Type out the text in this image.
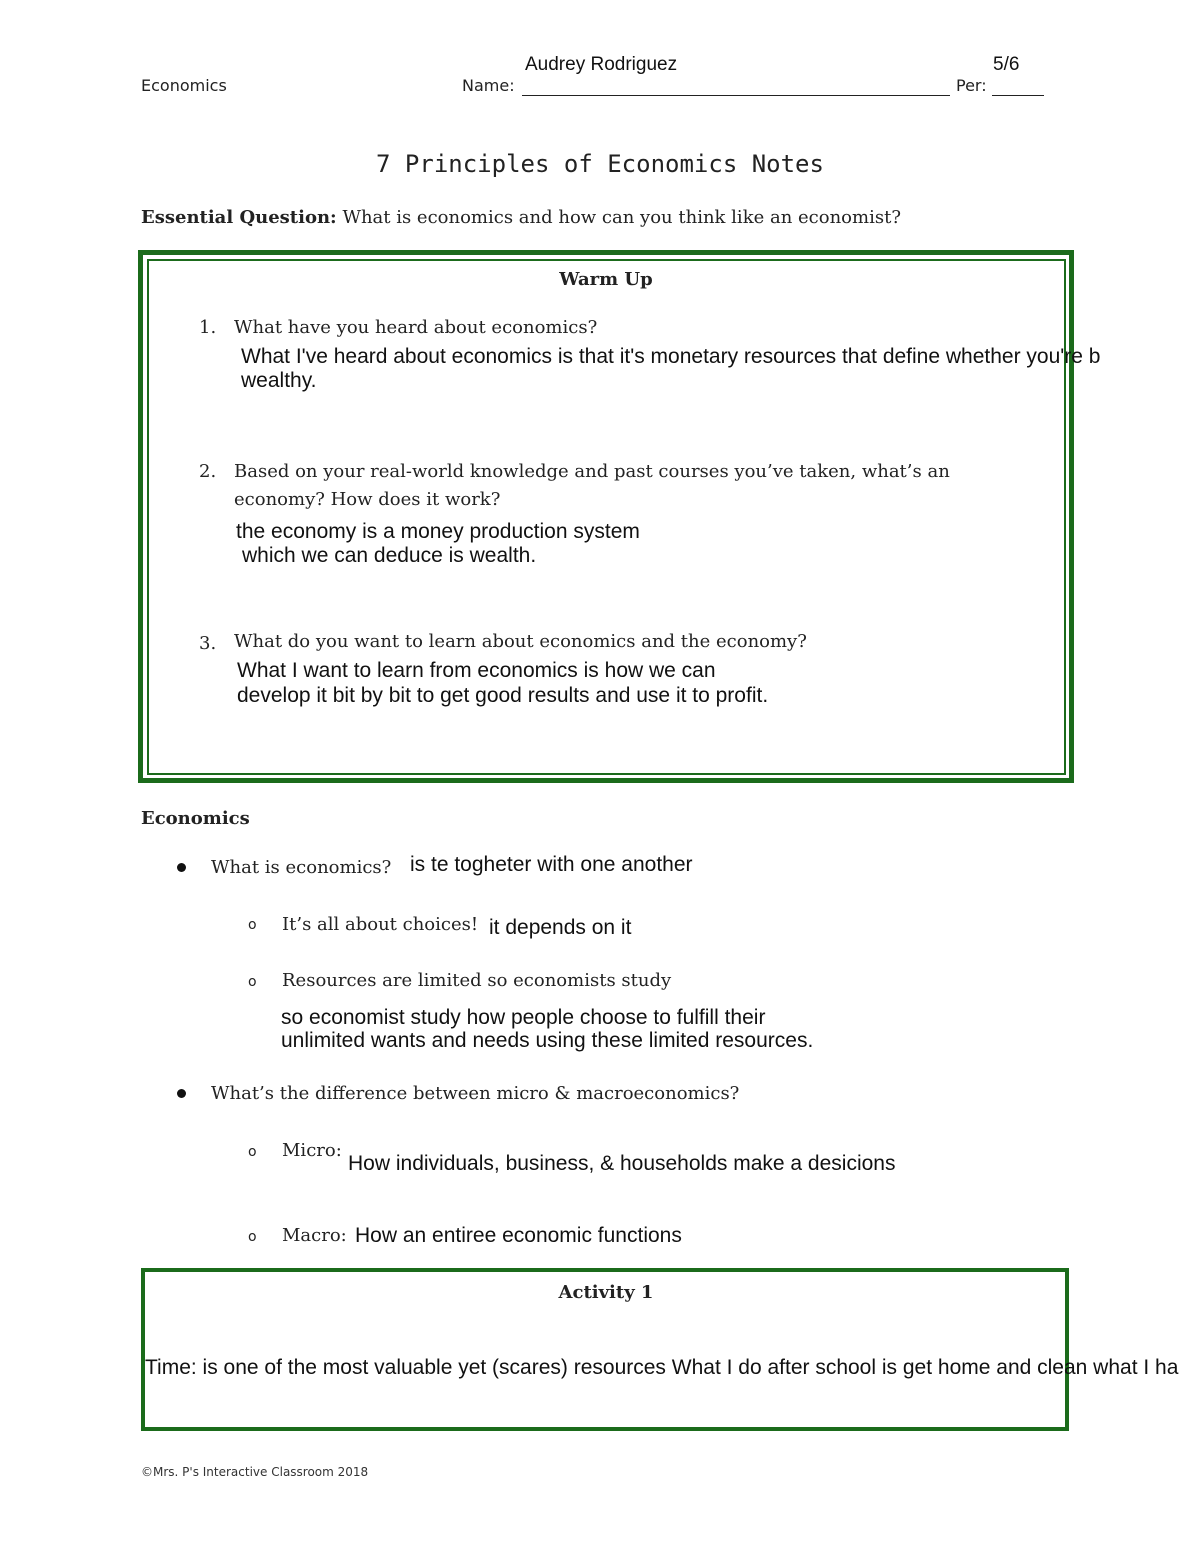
Economics	Name:
Audrey Rodriguez
Per:
5/6
7 Principles of Economics Notes
Essential Question: What is economics and how can you think like an economist?
Warm Up
1. What have you heard about economics?
What I've heard about economics is that it's monetary resources that define whether you're b
wealthy.
2. Based on your real-world knowledge and past courses you’ve taken, what’s an
economy? How does it work?
the economy is a money production system
which we can deduce is wealth.
3. What do you want to learn about economics and the economy?
What I want to learn from economics is how we can
develop it bit by bit to get good results and use it to profit.
Economics
What is economics? is te togheter with one another
o It’s all about choices! it depends on it
o Resources are limited so economists study
so economist study how people choose to fulfill their
unlimited wants and needs using these limited resources.
What’s the difference between micro & macroeconomics?
o Micro:
How individuals, business, & households make a desicions
o Macro: How an entiree economic functions
Activity 1
Time: is one of the most valuable yet (scares) resources What I do after school is get home and clean what I ha
©Mrs. P's Interactive Classroom 2018
